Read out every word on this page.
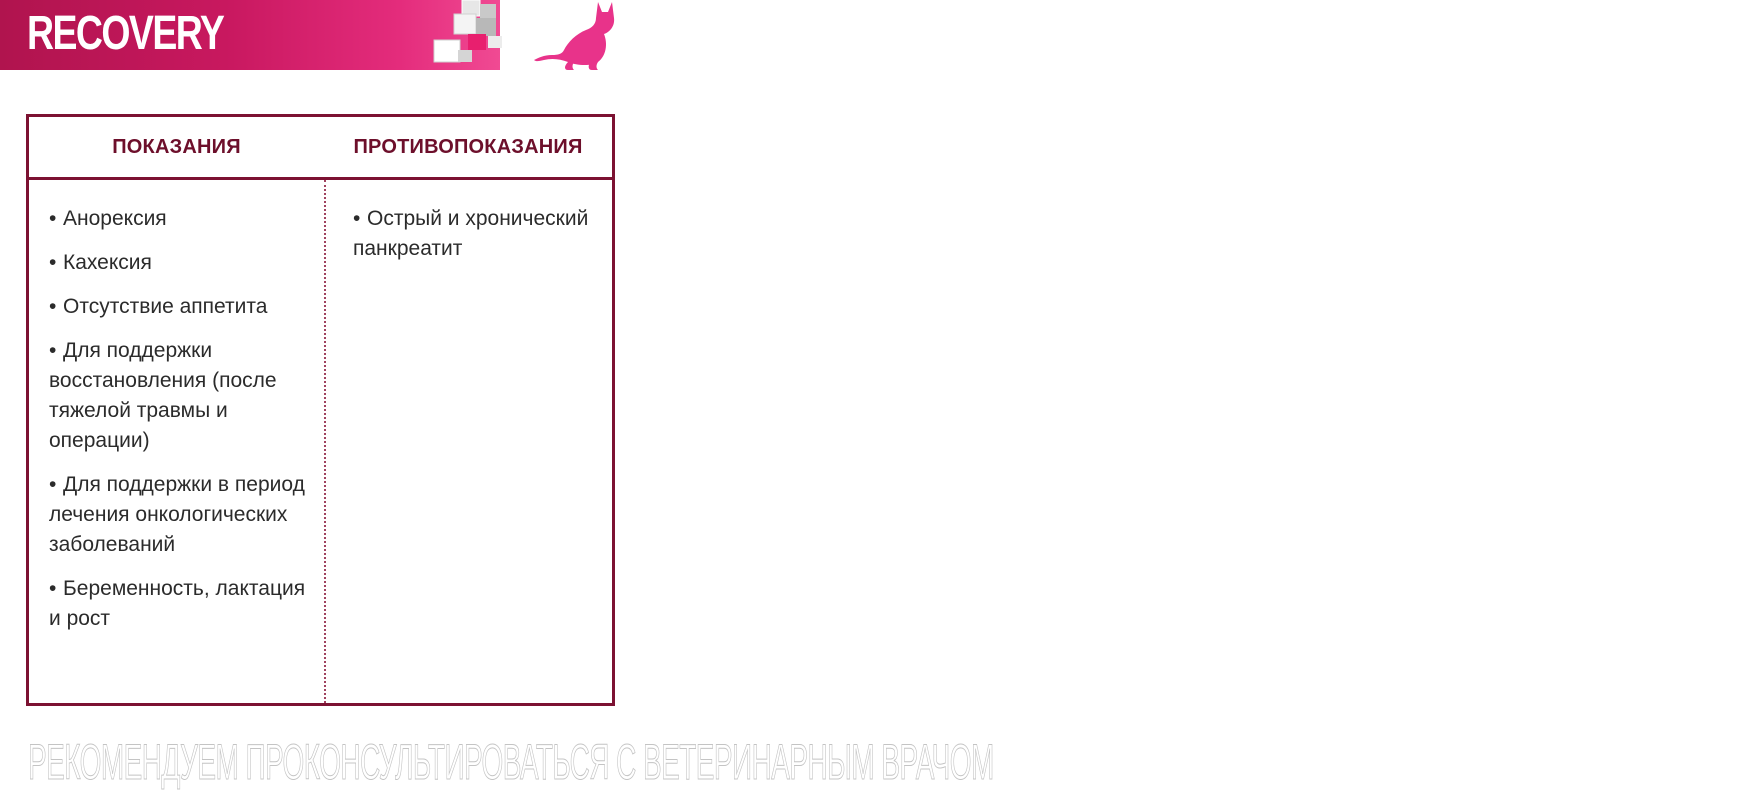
RECOVERY
ПОКАЗАНИЯ	ПРОТИВОПОКАЗАНИЯ
• Анорексия
• Кахексия
• Отсутствие аппетита
• Для поддержки восстановления (после тяжелой травмы и операции)
• Для поддержки в период лечения онкологических заболеваний
• Беременность, лактация и рост
• Острый и хронический панкреатит
РЕКОМЕНДУЕМ ПРОКОНСУЛЬТИРОВАТЬСЯ С ВЕТЕРИНАРНЫМ ВРАЧОМ
